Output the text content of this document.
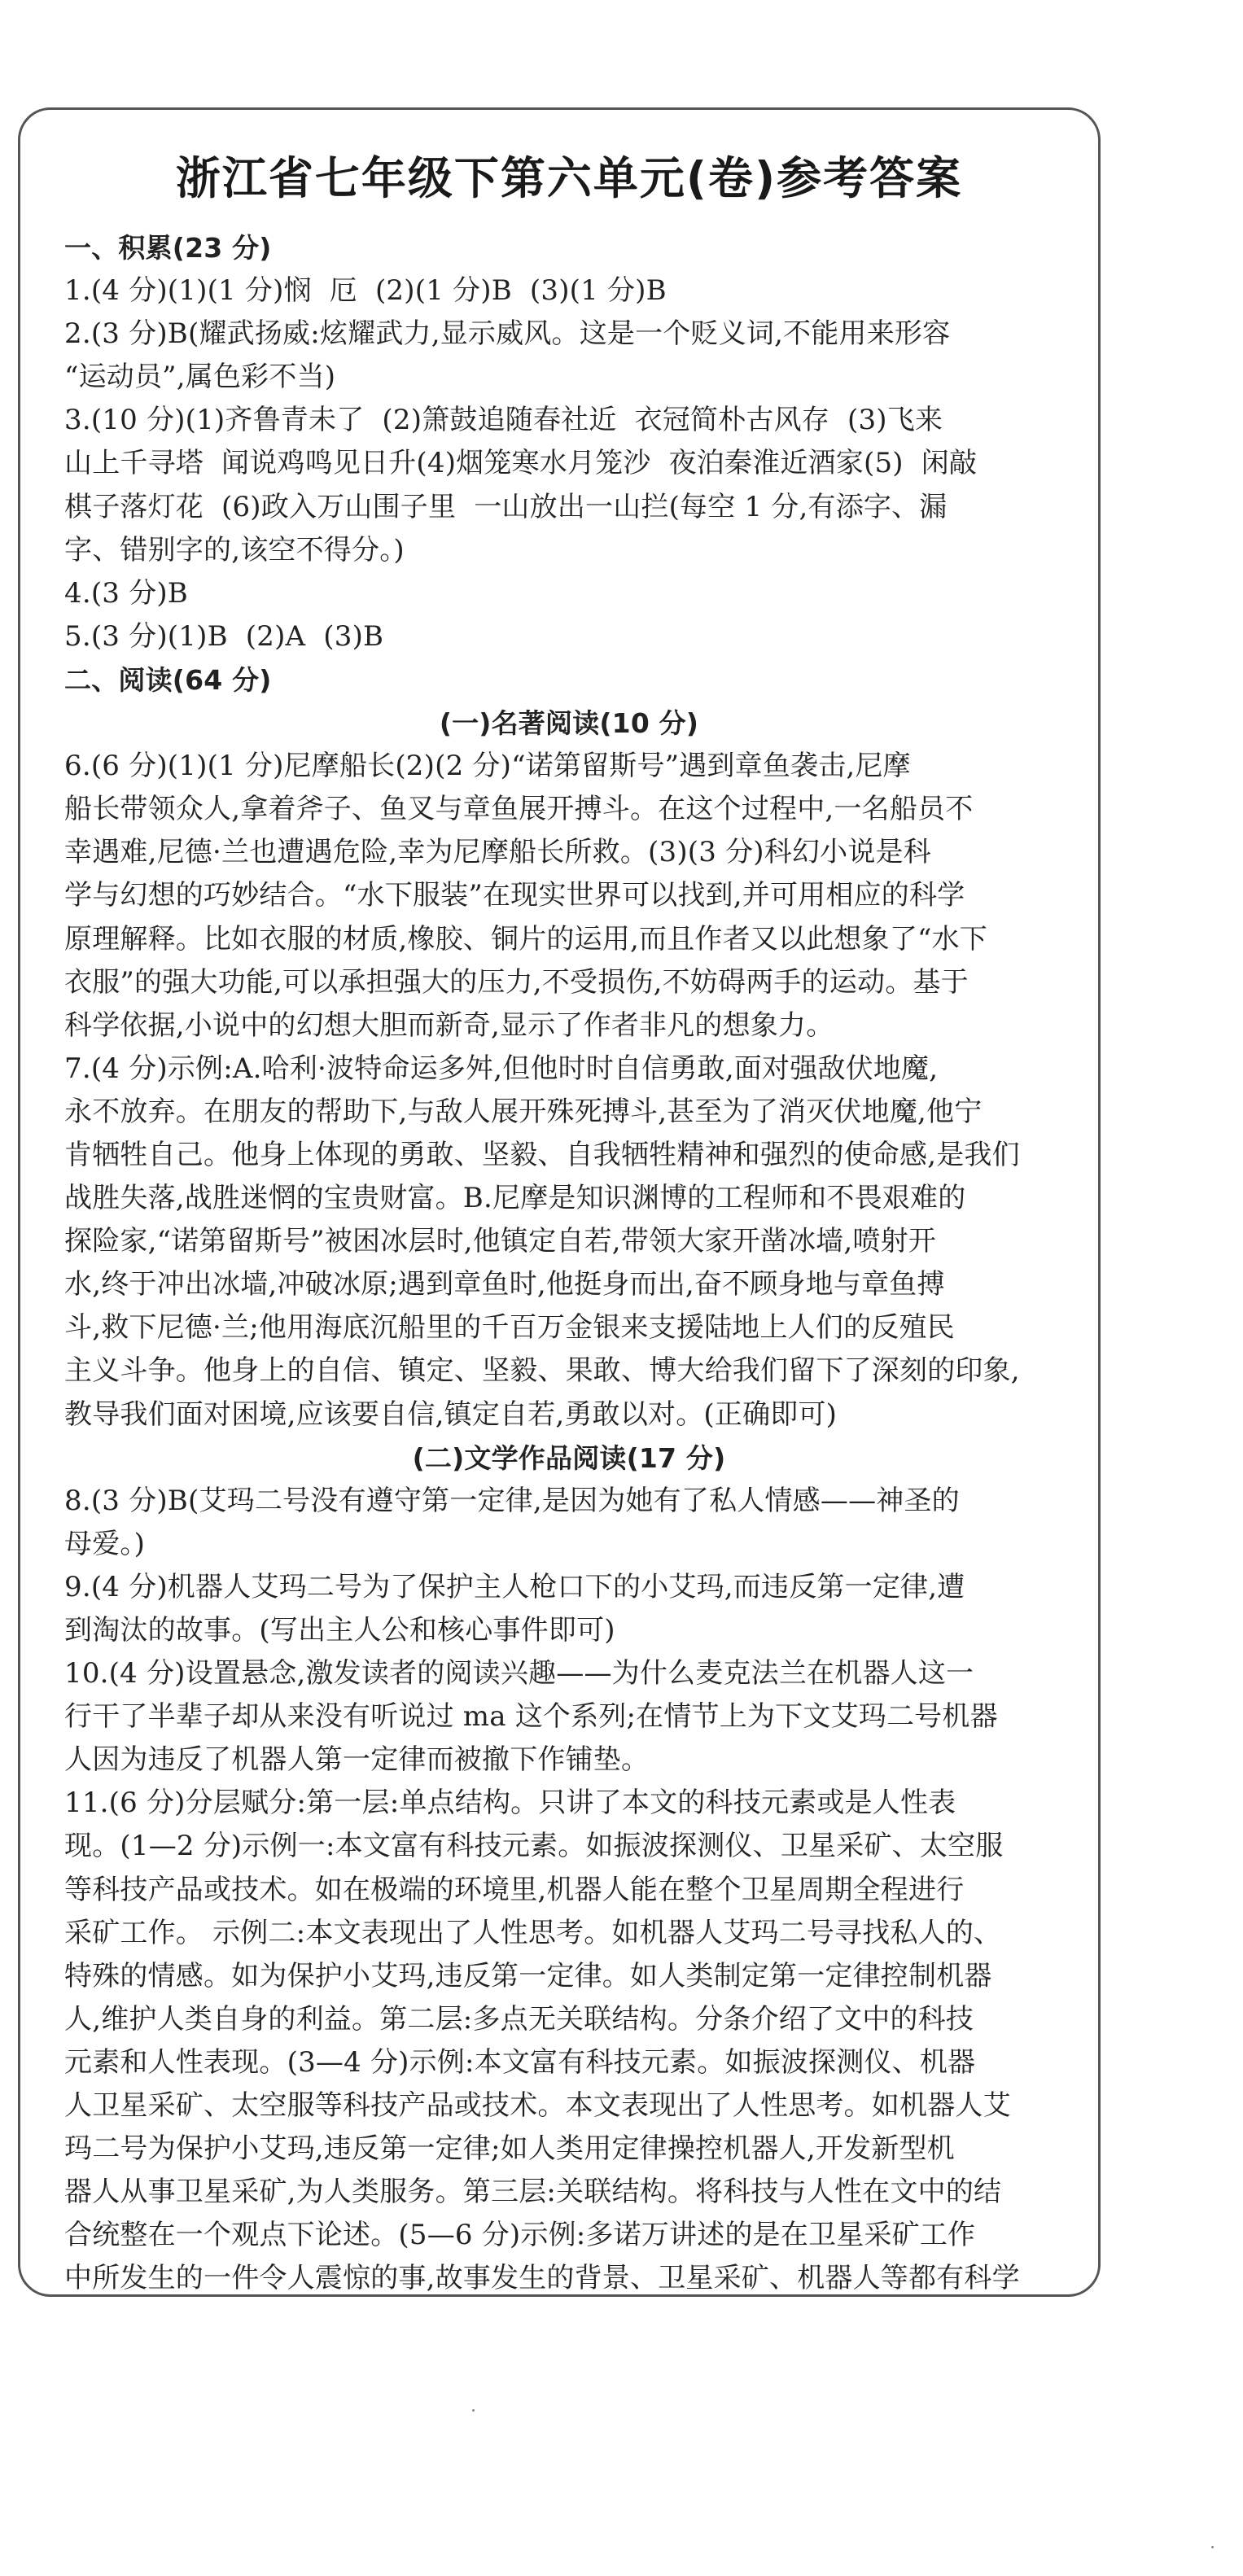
浙江省七年级下第六单元(卷)参考答案
一、积累(23 分)
1.(4 分)(1)(1 分)悯  厄  (2)(1 分)B  (3)(1 分)B
2.(3 分)B(耀武扬威:炫耀武力,显示威风。这是一个贬义词,不能用来形容
“运动员”,属色彩不当)
3.(10 分)(1)齐鲁青未了  (2)箫鼓追随春社近  衣冠简朴古风存  (3)飞来
山上千寻塔  闻说鸡鸣见日升(4)烟笼寒水月笼沙  夜泊秦淮近酒家(5)  闲敲
棋子落灯花  (6)政入万山围子里  一山放出一山拦(每空 1 分,有添字、漏
字、错别字的,该空不得分。)
4.(3 分)B
5.(3 分)(1)B  (2)A  (3)B
二、阅读(64 分)
(一)名著阅读(10 分)
6.(6 分)(1)(1 分)尼摩船长(2)(2 分)“诺第留斯号”遇到章鱼袭击,尼摩
船长带领众人,拿着斧子、鱼叉与章鱼展开搏斗。在这个过程中,一名船员不
幸遇难,尼德·兰也遭遇危险,幸为尼摩船长所救。(3)(3 分)科幻小说是科
学与幻想的巧妙结合。“水下服装”在现实世界可以找到,并可用相应的科学
原理解释。比如衣服的材质,橡胶、铜片的运用,而且作者又以此想象了“水下
衣服”的强大功能,可以承担强大的压力,不受损伤,不妨碍两手的运动。基于
科学依据,小说中的幻想大胆而新奇,显示了作者非凡的想象力。
7.(4 分)示例:A.哈利·波特命运多舛,但他时时自信勇敢,面对强敌伏地魔,
永不放弃。在朋友的帮助下,与敌人展开殊死搏斗,甚至为了消灭伏地魔,他宁
肯牺牲自己。他身上体现的勇敢、坚毅、自我牺牲精神和强烈的使命感,是我们
战胜失落,战胜迷惘的宝贵财富。B.尼摩是知识渊博的工程师和不畏艰难的
探险家,“诺第留斯号”被困冰层时,他镇定自若,带领大家开凿冰墙,喷射开
水,终于冲出冰墙,冲破冰原;遇到章鱼时,他挺身而出,奋不顾身地与章鱼搏
斗,救下尼德·兰;他用海底沉船里的千百万金银来支援陆地上人们的反殖民
主义斗争。他身上的自信、镇定、坚毅、果敢、博大给我们留下了深刻的印象,
教导我们面对困境,应该要自信,镇定自若,勇敢以对。(正确即可)
(二)文学作品阅读(17 分)
8.(3 分)B(艾玛二号没有遵守第一定律,是因为她有了私人情感——神圣的
母爱。)
9.(4 分)机器人艾玛二号为了保护主人枪口下的小艾玛,而违反第一定律,遭
到淘汰的故事。(写出主人公和核心事件即可)
10.(4 分)设置悬念,激发读者的阅读兴趣——为什么麦克法兰在机器人这一
行干了半辈子却从来没有听说过 ma 这个系列;在情节上为下文艾玛二号机器
人因为违反了机器人第一定律而被撤下作铺垫。
11.(6 分)分层赋分:第一层:单点结构。只讲了本文的科技元素或是人性表
现。(1—2 分)示例一:本文富有科技元素。如振波探测仪、卫星采矿、太空服
等科技产品或技术。如在极端的环境里,机器人能在整个卫星周期全程进行
采矿工作。 示例二:本文表现出了人性思考。如机器人艾玛二号寻找私人的、
特殊的情感。如为保护小艾玛,违反第一定律。如人类制定第一定律控制机器
人,维护人类自身的利益。第二层:多点无关联结构。分条介绍了文中的科技
元素和人性表现。(3—4 分)示例:本文富有科技元素。如振波探测仪、机器
人卫星采矿、太空服等科技产品或技术。本文表现出了人性思考。如机器人艾
玛二号为保护小艾玛,违反第一定律;如人类用定律操控机器人,开发新型机
器人从事卫星采矿,为人类服务。第三层:关联结构。将科技与人性在文中的结
合统整在一个观点下论述。(5—6 分)示例:多诺万讲述的是在卫星采矿工作
中所发生的一件令人震惊的事,故事发生的背景、卫星采矿、机器人等都有科学
